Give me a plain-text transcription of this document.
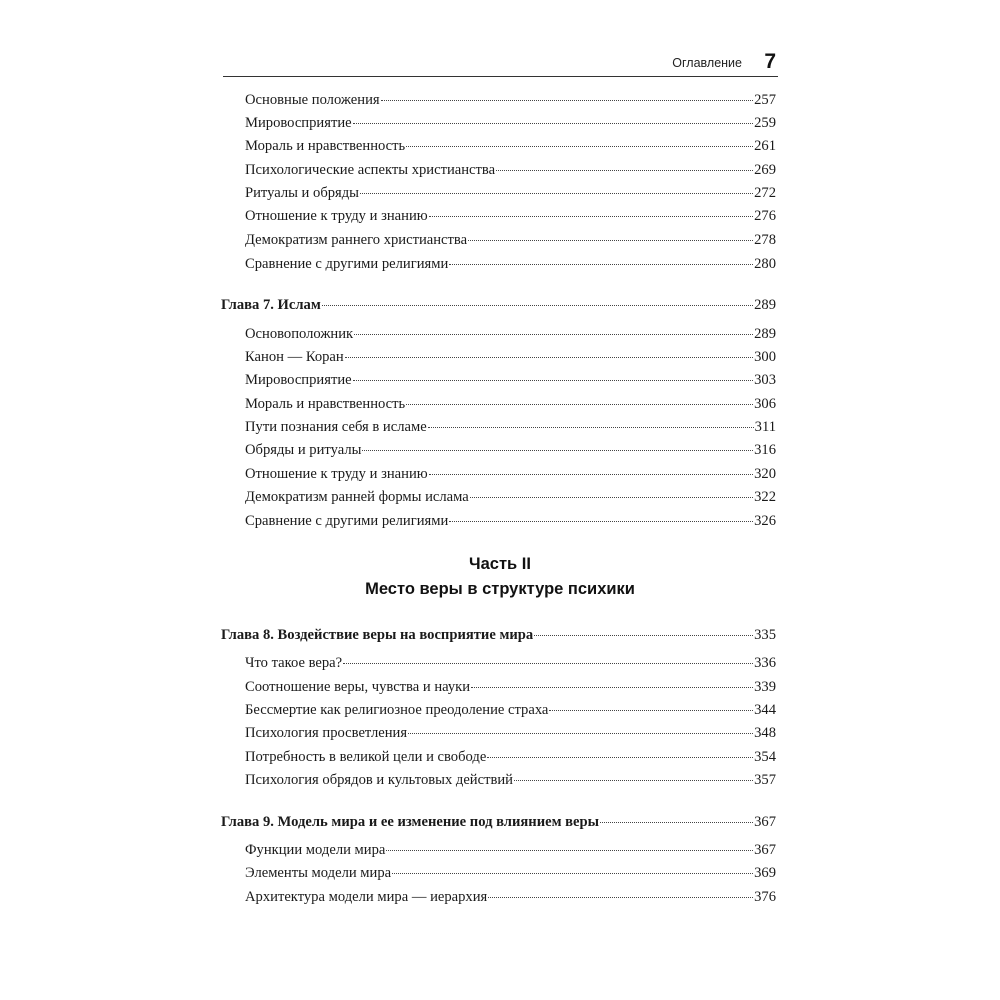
Оглавление 7
Основные положения	257
Мировосприятие	259
Мораль и нравственность	261
Психологические аспекты христианства	269
Ритуалы и обряды	272
Отношение к труду и знанию	276
Демократизм раннего христианства	278
Сравнение с другими религиями	280
Глава 7. Ислам	289
Основоположник	289
Канон — Коран	300
Мировосприятие	303
Мораль и нравственность	306
Пути познания себя в исламе	311
Обряды и ритуалы	316
Отношение к труду и знанию	320
Демократизм ранней формы ислама	322
Сравнение с другими религиями	326
Часть II
Место веры в структуре психики
Глава 8. Воздействие веры на восприятие мира	335
Что такое вера?	336
Соотношение веры, чувства и науки	339
Бессмертие как религиозное преодоление страха	344
Психология просветления	348
Потребность в великой цели и свободе	354
Психология обрядов и культовых действий	357
Глава 9. Модель мира и ее изменение под влиянием веры	367
Функции модели мира	367
Элементы модели мира	369
Архитектура модели мира — иерархия	376
